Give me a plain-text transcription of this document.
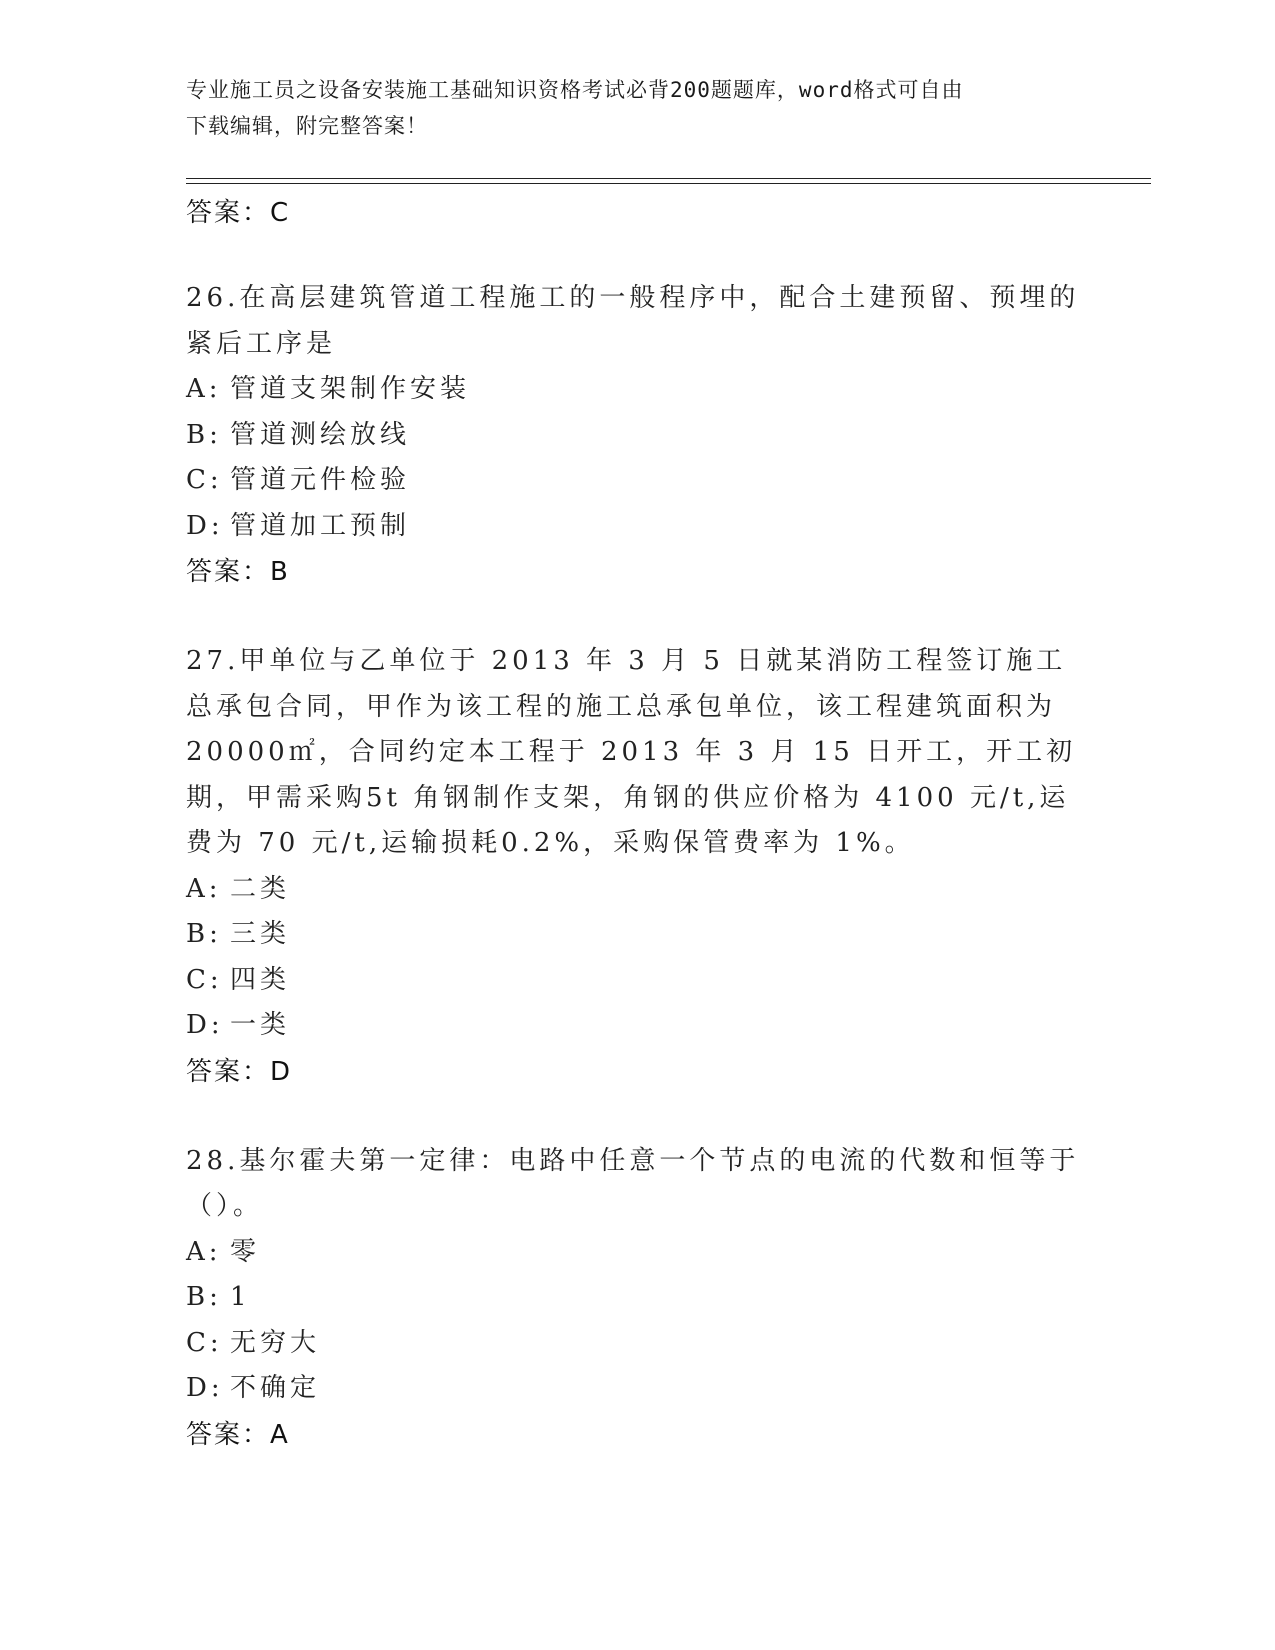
专业施工员之设备安装施工基础知识资格考试必背200题题库，word格式可自由
下载编辑，附完整答案！
答案：C
26.在高层建筑管道工程施工的一般程序中，配合土建预留、预埋的紧后工序是
A: 管道支架制作安装
B: 管道测绘放线
C: 管道元件检验
D: 管道加工预制
答案：B
27.甲单位与乙单位于 2013 年 3 月 5 日就某消防工程签订施工总承包合同，甲作为该工程的施工总承包单位，该工程建筑面积为 20000㎡，合同约定本工程于 2013 年 3 月 15 日开工，开工初期，甲需采购5t 角钢制作支架，角钢的供应价格为 4100 元/t,运费为 70 元/t,运输损耗0.2%，采购保管费率为 1%。
A: 二类
B: 三类
C: 四类
D: 一类
答案：D
28.基尔霍夫第一定律：电路中任意一个节点的电流的代数和恒等于（）。
A: 零
B: 1
C: 无穷大
D: 不确定
答案：A
